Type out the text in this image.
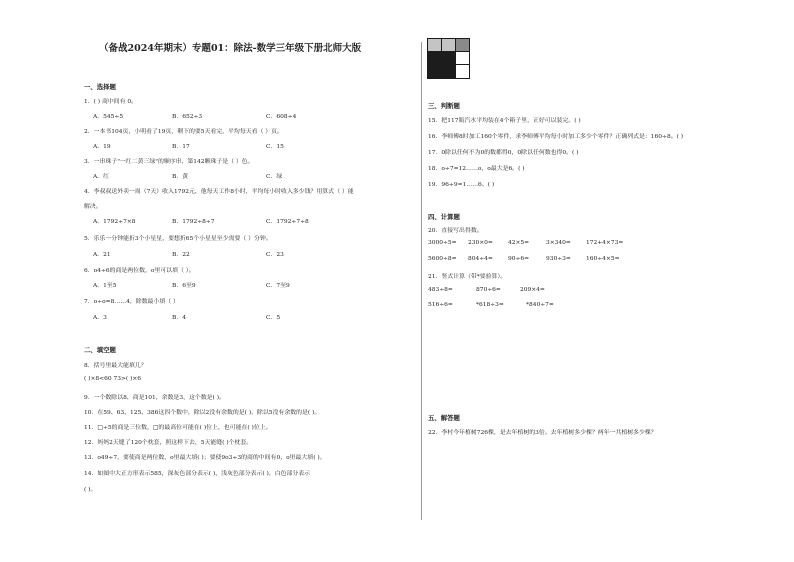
（备战2024年期末）专题01：除法-数学三年级下册北师大版
一、选择题
1．( ) 商中间有 0。
A．545÷5	B．652÷3	C．608÷4
2．一本书104页，小明看了19页，剩下的要5天看完，平均每天看（ ）页。
A．19	B．17	C．15
3．一串珠子"一红二黄三绿"的顺序串，第142颗珠子是（ ）色。
A．红	B．黄	C．绿
4．李叔叔送外卖一周（7天）收入1792元，他每天工作8小时，平均每小时收入多少钱？用算式（ ）能
解决。
A．1792÷7×8	B．1792÷8÷7	C．1792÷7÷8
5．乐乐一分钟能折3个小星星，要想折65个小星星至少需要（ ）分钟。
A．21	B．22	C．23
6．o4÷6的商是两位数，o里可以填（ ）。
A．1至5	B．6至9	C．7至9
7．o÷o=8……4，除数最小填（ ）
A．3	B．4	C．5
二、填空题
8．括号里最大能填几？
( )×8<60 73>( )×6
9．一个数除以8，商是101，余数是3，这个数是( )。
10．在59、63、125、386这四个数中，除以2没有余数的是( )，除以5没有余数的是( )。
11．□÷5的商是三位数，□的最高位可能在( )位上，也可能在( )位上。
12．妈妈2天缝了120个枕套，照这样下去，5天能缝( )个枕套。
13．o49÷7，要使商是两位数，o里最大填( )；要使9o3÷3的商的中间有0，o里最大填( )。
14．如图中大正方形表示585，深灰色部分表示( )，浅灰色部分表示( )，白色部分表示
( )。
三、判断题
15．把117瓶汽水平均装在4个箱子里，正好可以装完。( )
16．李师傅8时加工160个零件，求李师傅平均每小时加工多少个零件？正确列式是：160÷8。( )
17．0除以任何不为0的数都得0，0除以任何数也得0。( )
18．o÷7=12……o，o最大是6。( )
19．96÷9=1……6。( )
四、计算题
20．直接写出得数。
3000÷5= 230×0=	42×5=	3×340=	172+4×73=
5600÷8= 804÷4=	90÷6=	930÷3=	160÷4×5=
21．竖式计算（带*要验算）。
483÷8=	870÷6=	209×4=
516÷6=	*618÷3=	*840÷7=
五、解答题
22．李村今年植树726棵，是去年植树的3倍。去年植树多少棵？两年一共植树多少棵？
